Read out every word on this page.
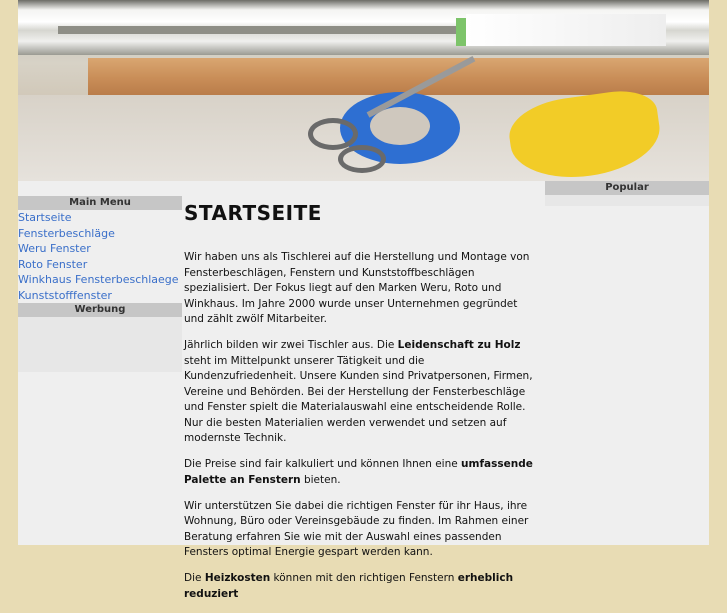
Popular
Main Menu
Startseite
Fensterbeschläge
Weru Fenster
Roto Fenster
Winkhaus Fensterbeschlaege
Kunststofffenster
Werbung
STARTSEITE

Wir haben uns als Tischlerei auf die Herstellung und Montage von Fensterbeschlägen, Fenstern und Kunststoffbeschlägen spezialisiert. Der Fokus liegt auf den Marken Weru, Roto und Winkhaus. Im Jahre 2000 wurde unser Unternehmen gegründet und zählt zwölf Mitarbeiter.

Jährlich bilden wir zwei Tischler aus. Die Leidenschaft zu Holz steht im Mittelpunkt unserer Tätigkeit und die Kundenzufriedenheit. Unsere Kunden sind Privatpersonen, Firmen, Vereine und Behörden. Bei der Herstellung der Fensterbeschläge und Fenster spielt die Materialauswahl eine entscheidende Rolle. Nur die besten Materialien werden verwendet und setzen auf modernste Technik.

Die Preise sind fair kalkuliert und können Ihnen eine umfassende Palette an Fenstern bieten.

Wir unterstützen Sie dabei die richtigen Fenster für ihr Haus, ihre Wohnung, Büro oder Vereinsgebäude zu finden. Im Rahmen einer Beratung erfahren Sie wie mit der Auswahl eines passenden Fensters optimal Energie gespart werden kann.

Die Heizkosten können mit den richtigen Fenstern erheblich reduziert
